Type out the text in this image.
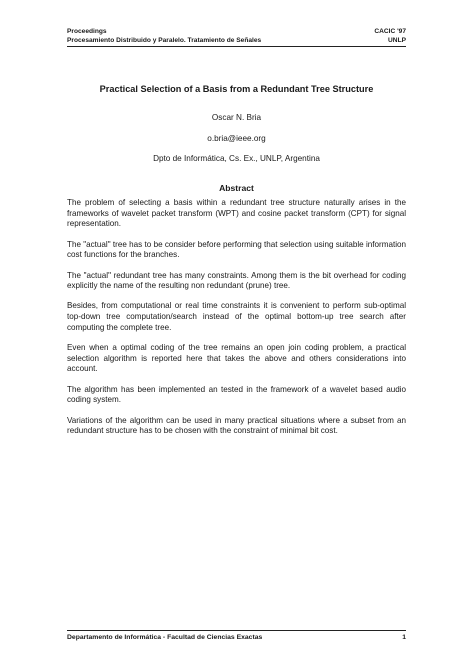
Proceedings	CACIC '97
Procesamiento Distribuido y Paralelo. Tratamiento de Señales	UNLP
Practical Selection of a Basis from a Redundant Tree Structure
Oscar N. Bria
o.bria@ieee.org
Dpto de Informática, Cs. Ex., UNLP, Argentina
Abstract

The problem of selecting a basis within a redundant tree structure naturally arises in the frameworks of wavelet packet transform (WPT) and cosine packet transform (CPT) for signal representation.

The "actual" tree has to be consider before performing that selection using suitable information cost functions for the branches.

The "actual" redundant tree has many constraints. Among them is the bit overhead for coding explicitly the name of the resulting non redundant (prune) tree.

Besides, from computational or real time constraints it is convenient to perform sub-optimal top-down tree computation/search instead of the optimal bottom-up tree search after computing the complete tree.

Even when a optimal coding of the tree remains an open join coding problem, a practical selection algorithm is reported here that takes the above and others considerations into account.

The algorithm has been implemented an tested in the framework of a wavelet based audio coding system.

Variations of the algorithm can be used in many practical situations where a subset from an redundant structure has to be chosen with the constraint of minimal bit cost.

Departamento de Informática - Facultad de Ciencias Exactas	1
